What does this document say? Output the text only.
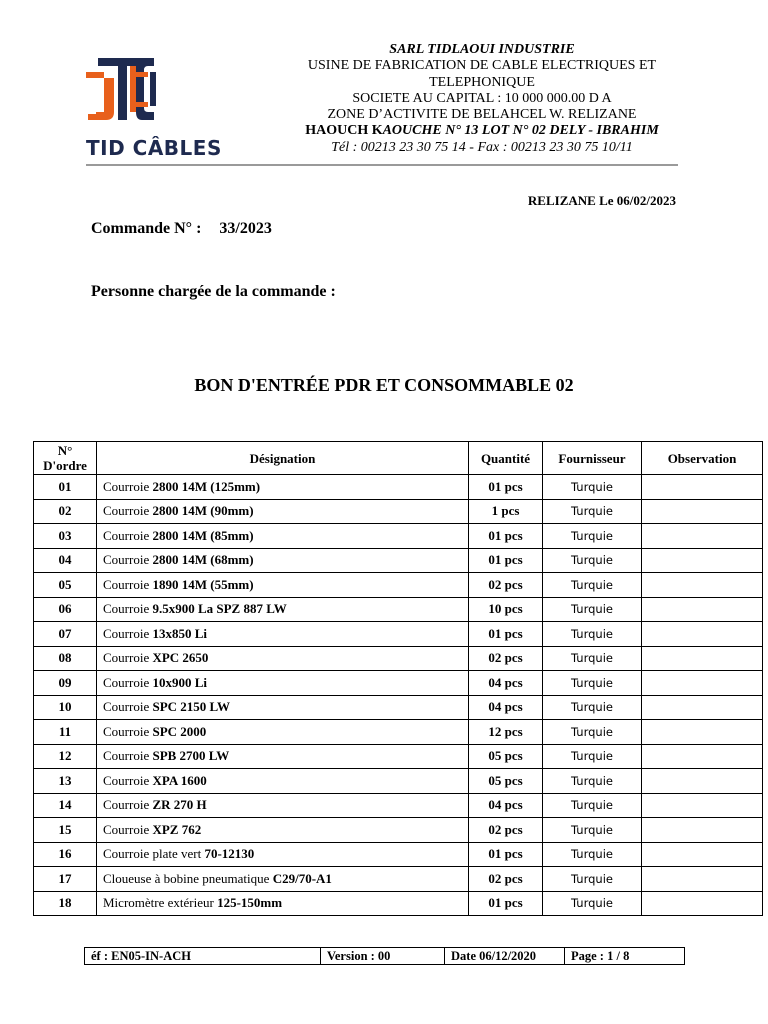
TID CÂBLES
SARL TIDLAOUI INDUSTRIE
USINE DE FABRICATION DE CABLE ELECTRIQUES ET
TELEPHONIQUE
SOCIETE AU CAPITAL : 10 000 000.00 D A
ZONE D’ACTIVITE DE BELAHCEL W. RELIZANE
HAOUCH KAOUCHE N° 13 LOT N° 02 DELY - IBRAHIM
Tél : 00213 23 30 75 14 - Fax : 00213 23 30 75 10/11
RELIZANE Le 06/02/2023
Commande N° : 33/2023
Personne chargée de la commande :
BON D'ENTRÉE PDR ET CONSOMMABLE 02
N°
D'ordre	Désignation	Quantité	Fournisseur	Observation
01	Courroie 2800 14M (125mm)	01 pcs	Turquie	
02	Courroie 2800 14M (90mm)	1 pcs	Turquie	
03	Courroie 2800 14M (85mm)	01 pcs	Turquie	
04	Courroie 2800 14M (68mm)	01 pcs	Turquie	
05	Courroie 1890 14M (55mm)	02 pcs	Turquie	
06	Courroie 9.5x900 La SPZ 887 LW	10 pcs	Turquie	
07	Courroie 13x850 Li	01 pcs	Turquie	
08	Courroie XPC 2650	02 pcs	Turquie	
09	Courroie 10x900 Li	04 pcs	Turquie	
10	Courroie SPC 2150 LW	04 pcs	Turquie	
11	Courroie SPC 2000	12 pcs	Turquie	
12	Courroie SPB 2700 LW	05 pcs	Turquie	
13	Courroie XPA 1600	05 pcs	Turquie	
14	Courroie ZR 270 H	04 pcs	Turquie	
15	Courroie XPZ 762	02 pcs	Turquie	
16	Courroie plate vert 70-12130	01 pcs	Turquie	
17	Cloueuse à bobine pneumatique C29/70-A1	02 pcs	Turquie	
18	Micromètre extérieur 125-150mm	01 pcs	Turquie	
éf : EN05-IN-ACH	Version : 00	Date 06/12/2020	Page : 1 / 8
